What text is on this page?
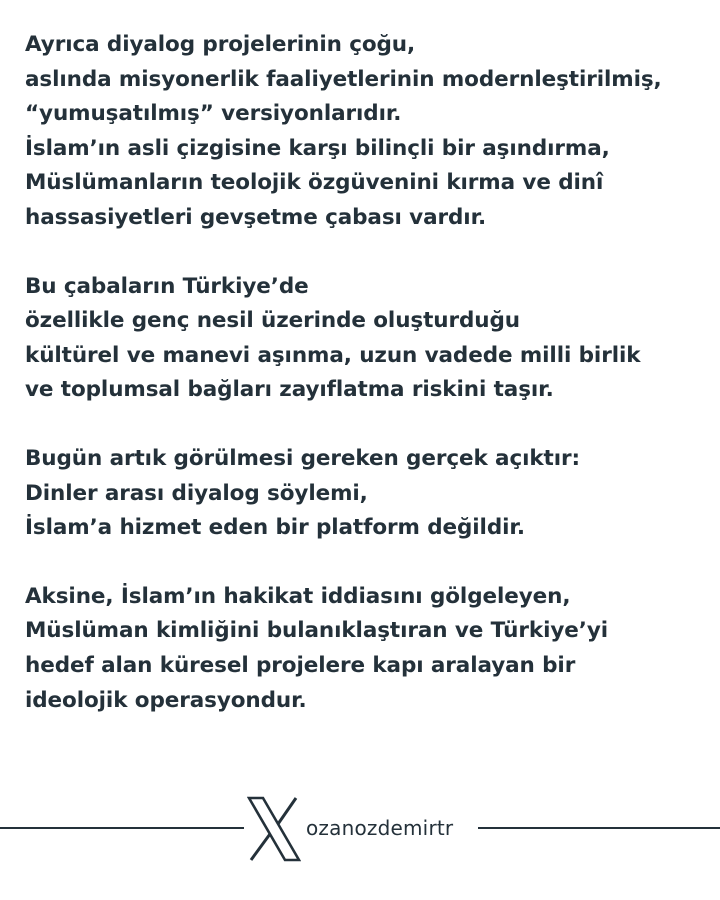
Ayrıca diyalog projelerinin çoğu,
aslında misyonerlik faaliyetlerinin modernleştirilmiş,
“yumuşatılmış” versiyonlarıdır.
İslam’ın asli çizgisine karşı bilinçli bir aşındırma,
Müslümanların teolojik özgüvenini kırma ve dinî
hassasiyetleri gevşetme çabası vardır.
Bu çabaların Türkiye’de
özellikle genç nesil üzerinde oluşturduğu
kültürel ve manevi aşınma, uzun vadede milli birlik
ve toplumsal bağları zayıflatma riskini taşır.
Bugün artık görülmesi gereken gerçek açıktır:
Dinler arası diyalog söylemi,
İslam’a hizmet eden bir platform değildir.
Aksine, İslam’ın hakikat iddiasını gölgeleyen,
Müslüman kimliğini bulanıklaştıran ve Türkiye’yi
hedef alan küresel projelere kapı aralayan bir
ideolojik operasyondur.
ozanozdemirtr
